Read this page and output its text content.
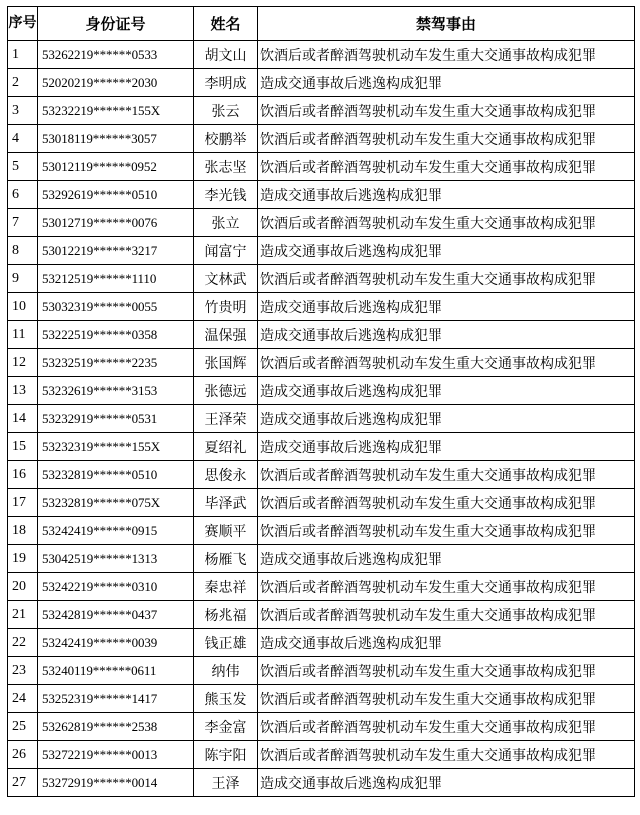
序号	身份证号	姓名	禁驾事由
1	53262219******0533	胡文山	饮酒后或者醉酒驾驶机动车发生重大交通事故构成犯罪
2	52020219******2030	李明成	造成交通事故后逃逸构成犯罪
3	53232219******155X	张云	饮酒后或者醉酒驾驶机动车发生重大交通事故构成犯罪
4	53018119******3057	校鹏举	饮酒后或者醉酒驾驶机动车发生重大交通事故构成犯罪
5	53012119******0952	张志坚	饮酒后或者醉酒驾驶机动车发生重大交通事故构成犯罪
6	53292619******0510	李光钱	造成交通事故后逃逸构成犯罪
7	53012719******0076	张立	饮酒后或者醉酒驾驶机动车发生重大交通事故构成犯罪
8	53012219******3217	闻富宁	造成交通事故后逃逸构成犯罪
9	53212519******1110	文林武	饮酒后或者醉酒驾驶机动车发生重大交通事故构成犯罪
10	53032319******0055	竹贵明	造成交通事故后逃逸构成犯罪
11	53222519******0358	温保强	造成交通事故后逃逸构成犯罪
12	53232519******2235	张国辉	饮酒后或者醉酒驾驶机动车发生重大交通事故构成犯罪
13	53232619******3153	张德远	造成交通事故后逃逸构成犯罪
14	53232919******0531	王泽荣	造成交通事故后逃逸构成犯罪
15	53232319******155X	夏绍礼	造成交通事故后逃逸构成犯罪
16	53232819******0510	思俊永	饮酒后或者醉酒驾驶机动车发生重大交通事故构成犯罪
17	53232819******075X	毕泽武	饮酒后或者醉酒驾驶机动车发生重大交通事故构成犯罪
18	53242419******0915	赛顺平	饮酒后或者醉酒驾驶机动车发生重大交通事故构成犯罪
19	53042519******1313	杨雁飞	造成交通事故后逃逸构成犯罪
20	53242219******0310	秦忠祥	饮酒后或者醉酒驾驶机动车发生重大交通事故构成犯罪
21	53242819******0437	杨兆福	饮酒后或者醉酒驾驶机动车发生重大交通事故构成犯罪
22	53242419******0039	钱正雄	造成交通事故后逃逸构成犯罪
23	53240119******0611	纳伟	饮酒后或者醉酒驾驶机动车发生重大交通事故构成犯罪
24	53252319******1417	熊玉发	饮酒后或者醉酒驾驶机动车发生重大交通事故构成犯罪
25	53262819******2538	李金富	饮酒后或者醉酒驾驶机动车发生重大交通事故构成犯罪
26	53272219******0013	陈宇阳	饮酒后或者醉酒驾驶机动车发生重大交通事故构成犯罪
27	53272919******0014	王泽	造成交通事故后逃逸构成犯罪
